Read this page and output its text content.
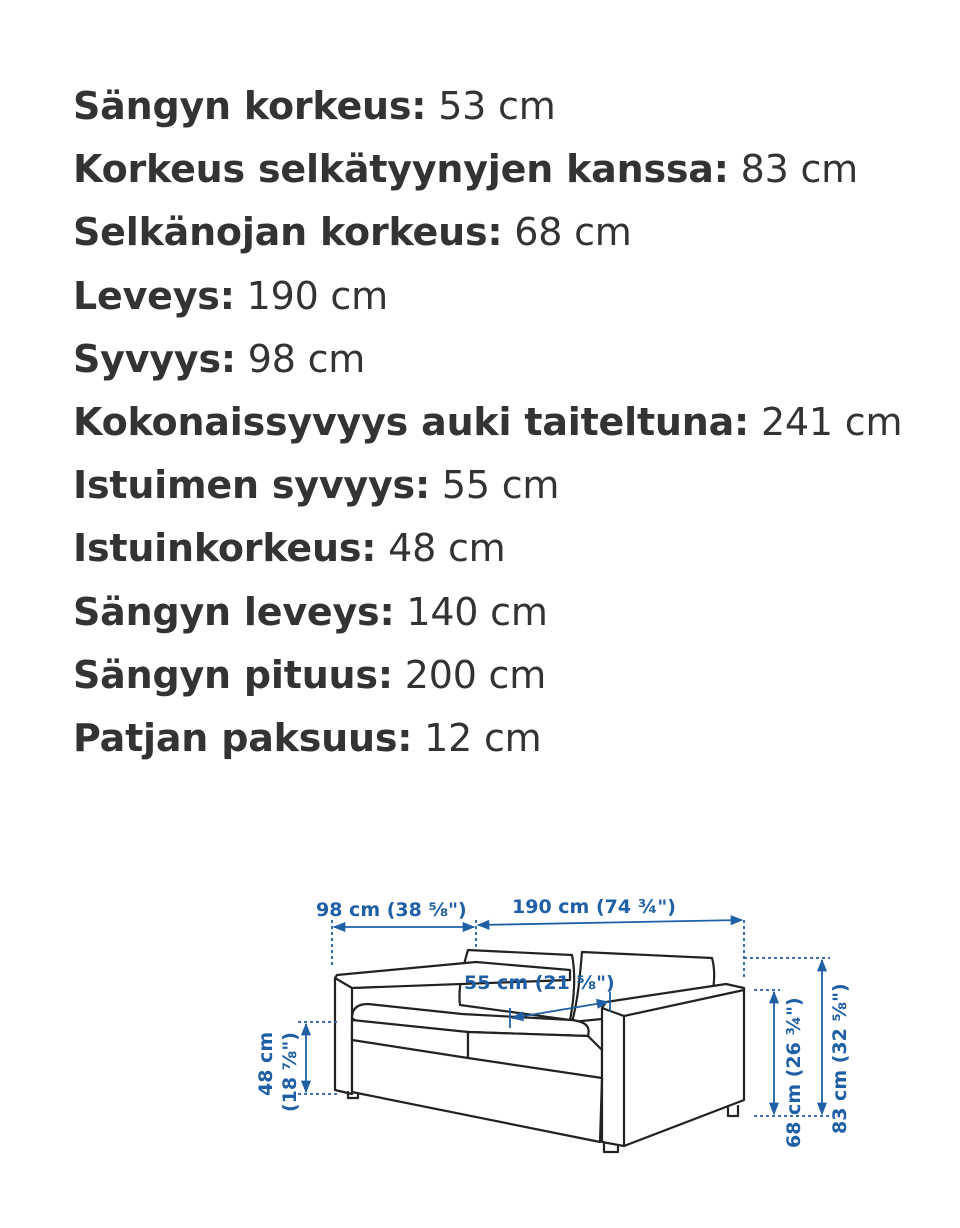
Sängyn korkeus: 53 cm
Korkeus selkätyynyjen kanssa: 83 cm
Selkänojan korkeus: 68 cm
Leveys: 190 cm
Syvyys: 98 cm
Kokonaissyvyys auki taiteltuna: 241 cm
Istuimen syvyys: 55 cm
Istuinkorkeus: 48 cm
Sängyn leveys: 140 cm
Sängyn pituus: 200 cm
Patjan paksuus: 12 cm
98 cm (38 ⅝") 190 cm (74 ¾")
55 cm (21 ⅝")
48 cm (18 ⅞")	68 cm (26 ¾") 83 cm (32 ⅝")
